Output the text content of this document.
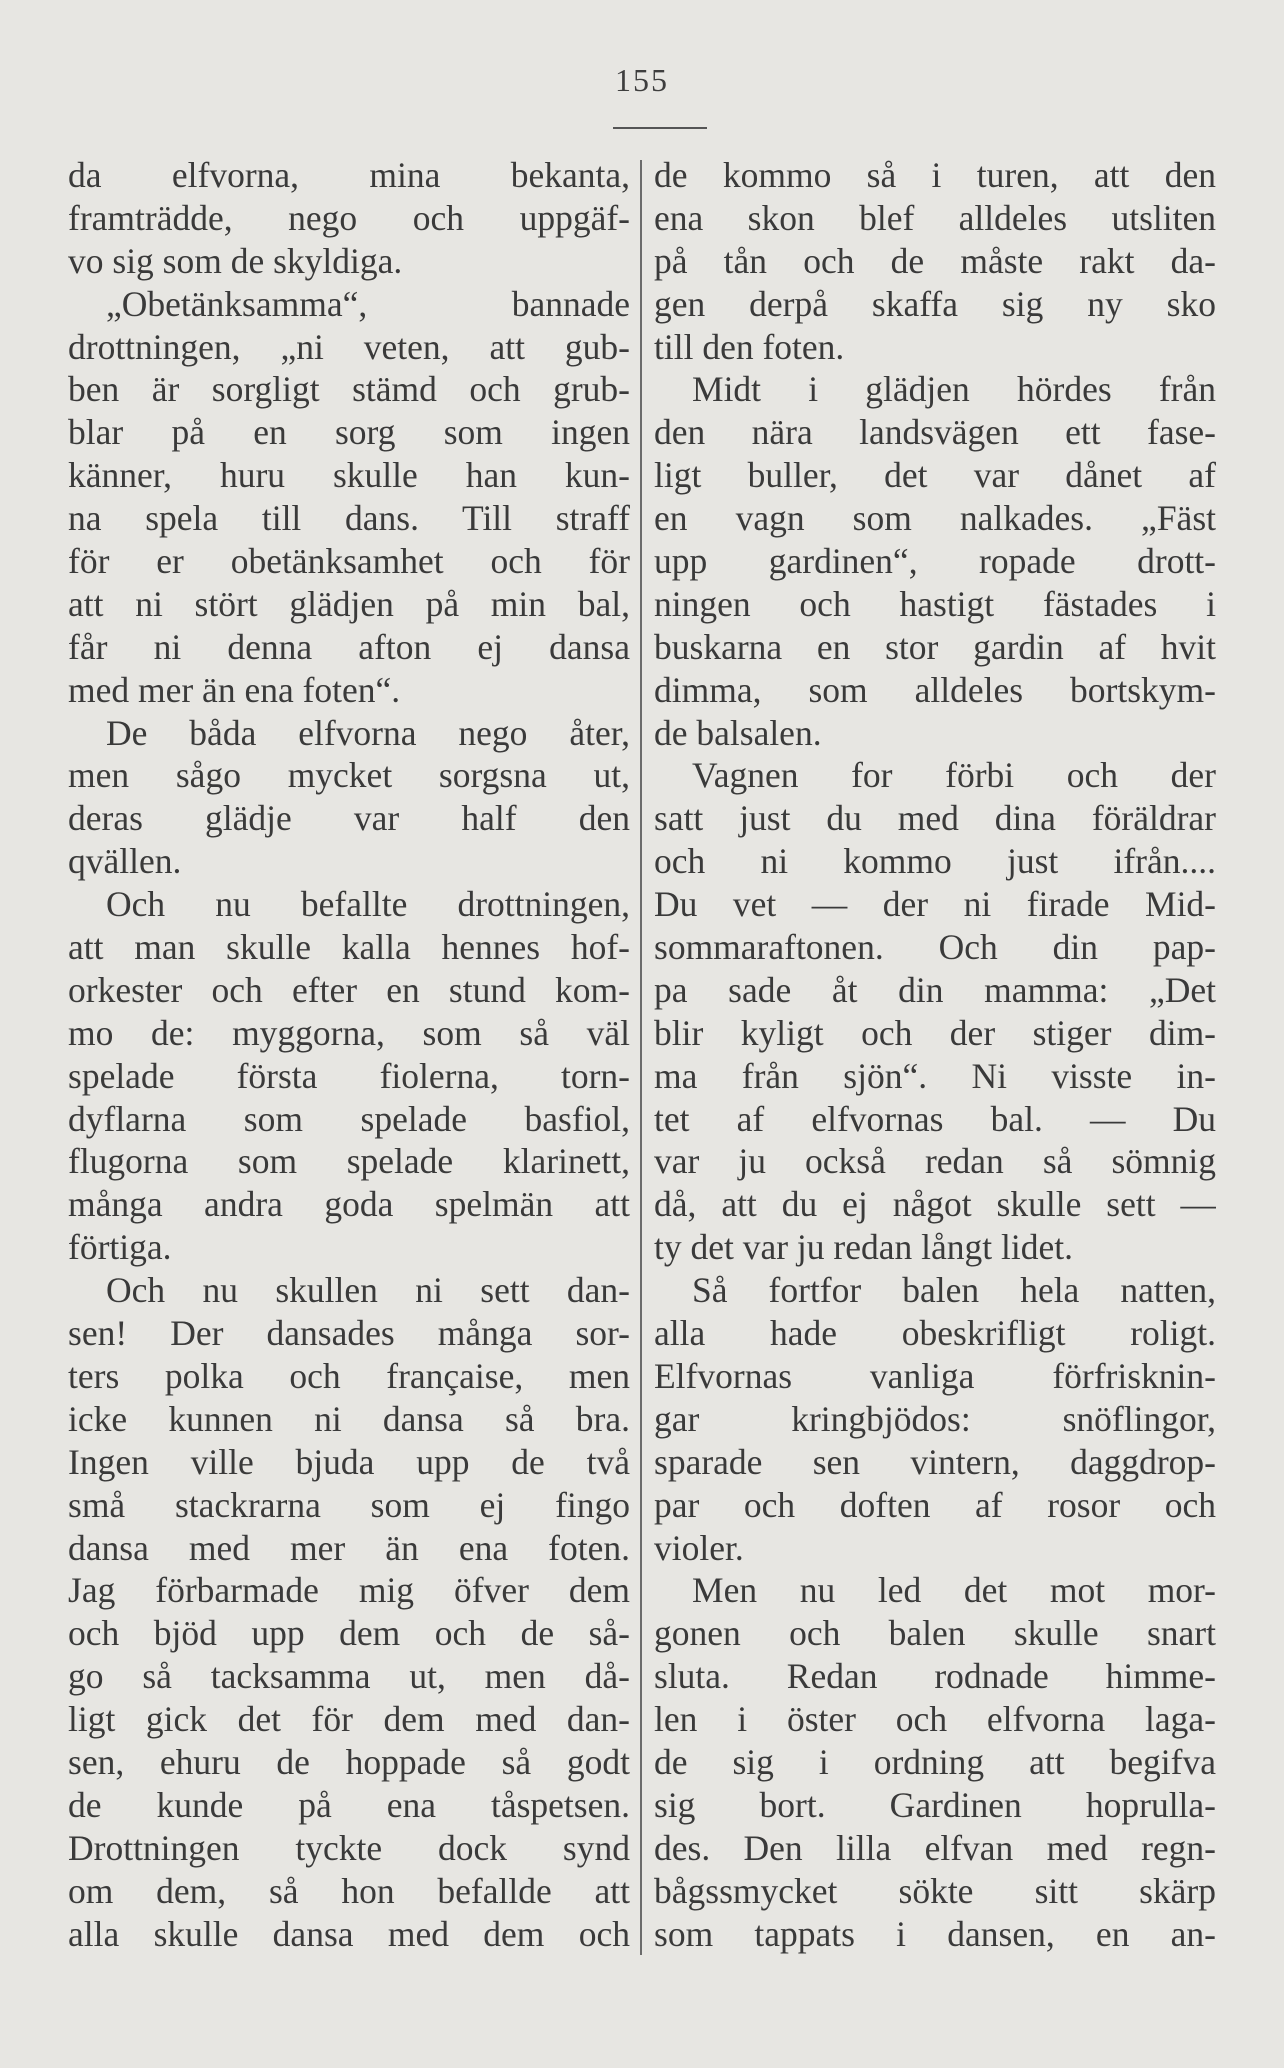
155
da elfvorna, mina bekanta,
framträdde, nego och uppgäf-
vo sig som de skyldiga.
„Obetänksamma“, bannade
drottningen, „ni veten, att gub-
ben är sorgligt stämd och grub-
blar på en sorg som ingen
känner, huru skulle han kun-
na spela till dans. Till straff
för er obetänksamhet och för
att ni stört glädjen på min bal,
får ni denna afton ej dansa
med mer än ena foten“.
De båda elfvorna nego åter,
men sågo mycket sorgsna ut,
deras glädje var half den
qvällen.
Och nu befallte drottningen,
att man skulle kalla hennes hof-
orkester och efter en stund kom-
mo de: myggorna, som så väl
spelade första fiolerna, torn-
dyflarna som spelade basfiol,
flugorna som spelade klarinett,
många andra goda spelmän att
förtiga.
Och nu skullen ni sett dan-
sen! Der dansades många sor-
ters polka och française, men
icke kunnen ni dansa så bra.
Ingen ville bjuda upp de två
små stackrarna som ej fingo
dansa med mer än ena foten.
Jag förbarmade mig öfver dem
och bjöd upp dem och de så-
go så tacksamma ut, men då-
ligt gick det för dem med dan-
sen, ehuru de hoppade så godt
de kunde på ena tåspetsen.
Drottningen tyckte dock synd
om dem, så hon befallde att
alla skulle dansa med dem och
de kommo så i turen, att den
ena skon blef alldeles utsliten
på tån och de måste rakt da-
gen derpå skaffa sig ny sko
till den foten.
Midt i glädjen hördes från
den nära landsvägen ett fase-
ligt buller, det var dånet af
en vagn som nalkades. „Fäst
upp gardinen“, ropade drott-
ningen och hastigt fästades i
buskarna en stor gardin af hvit
dimma, som alldeles bortskym-
de balsalen.
Vagnen for förbi och der
satt just du med dina föräldrar
och ni kommo just ifrån....
Du vet — der ni firade Mid-
sommaraftonen. Och din pap-
pa sade åt din mamma: „Det
blir kyligt och der stiger dim-
ma från sjön“. Ni visste in-
tet af elfvornas bal. — Du
var ju också redan så sömnig
då, att du ej något skulle sett —
ty det var ju redan långt lidet.
Så fortfor balen hela natten,
alla hade obeskrifligt roligt.
Elfvornas vanliga förfrisknin-
gar kringbjödos: snöflingor,
sparade sen vintern, daggdrop-
par och doften af rosor och
violer.
Men nu led det mot mor-
gonen och balen skulle snart
sluta. Redan rodnade himme-
len i öster och elfvorna laga-
de sig i ordning att begifva
sig bort. Gardinen hoprulla-
des. Den lilla elfvan med regn-
bågssmycket sökte sitt skärp
som tappats i dansen, en an-
